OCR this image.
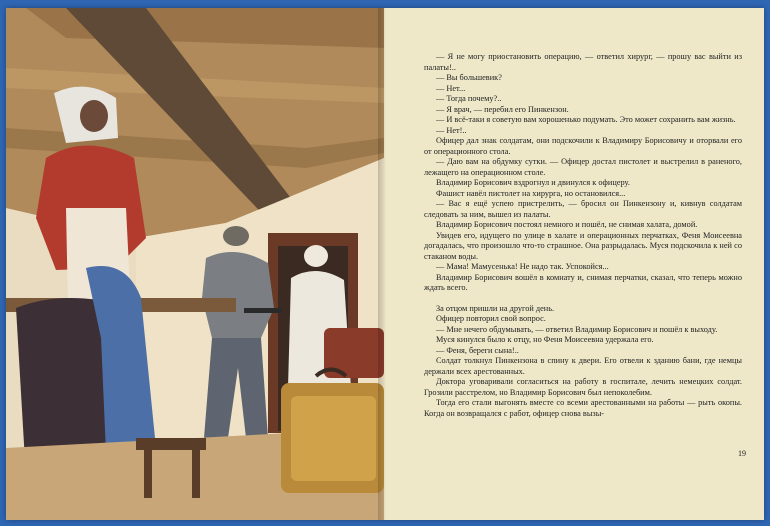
— Я не могу приостановить операцию, — ответил хирург, — прошу вас выйти из палаты!..

— Вы большевик?

— Нет...

— Тогда почему?..

— Я врач, — перебил его Пинкензон.

— И всё-таки я советую вам хорошенько подумать. Это может сохранить вам жизнь.

— Нет!..

Офицер дал знак солдатам, они подскочили к Владимиру Борисовичу и оторвали его от операционного стола.

— Даю вам на обдумку сутки. — Офицер достал пистолет и выстрелил в раненого, лежащего на операционном столе.

Владимир Борисович вздрогнул и двинулся к офицеру.

Фашист навёл пистолет на хирурга, но остановился...

— Вас я ещё успею пристрелить, — бросил он Пинкензону и, кивнув солдатам следовать за ним, вышел из палаты.

Владимир Борисович постоял немного и пошёл, не снимая халата, домой.

Увидев его, идущего по улице в халате и операционных перчатках, Феня Моисеевна догадалась, что произошло что-то страшное. Она разрыдалась. Муся подскочила к ней со стаканом воды.

— Мама! Мамусенька! Не надо так. Успокойся...

Владимир Борисович вошёл в комнату и, снимая перчатки, сказал, что теперь можно ждать всего.

За отцом пришли на другой день.

Офицер повторил свой вопрос.

— Мне нечего обдумывать, — ответил Владимир Борисович и пошёл к выходу.

Муся кинулся было к отцу, но Феня Моисеевна удержала его.

— Феня, береги сына!..

Солдат толкнул Пинкензона в спину к двери. Его отвели к зданию бани, где немцы держали всех арестованных.

Доктора уговаривали согласиться на работу в госпитале, лечить немецких солдат. Грозили расстрелом, но Владимир Борисович был непоколебим.

Тогда его стали выгонять вместе со всеми арестованными на работы — рыть окопы. Когда он возвращался с работ, офицер снова вызы-

19
